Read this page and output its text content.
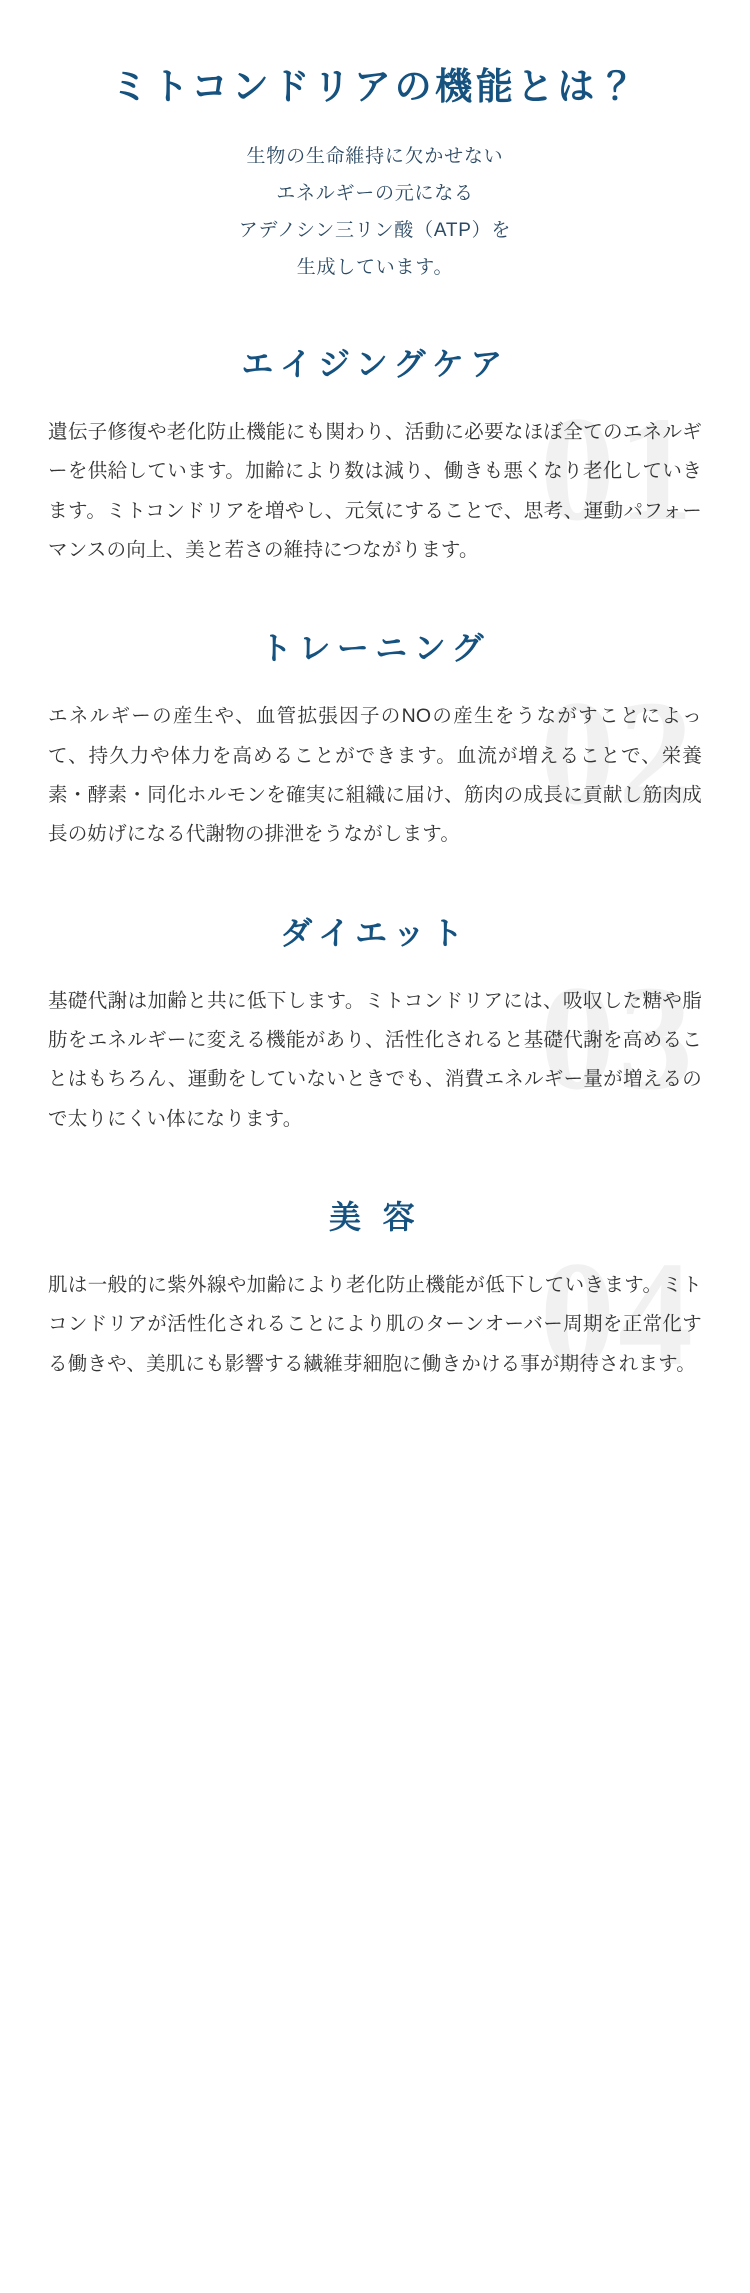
ミトコンドリアの機能とは？
生物の生命維持に欠かせない
エネルギーの元になる
アデノシン三リン酸（ATP）を
生成しています。
01
エイジングケア

遺伝子修復や老化防止機能にも関わり、活動に必要なほぼ全てのエネルギーを供給しています。加齢により数は減り、働きも悪くなり老化していきます。ミトコンドリアを増やし、元気にすることで、思考、運動パフォーマンスの向上、美と若さの維持につながります。

02
トレーニング

エネルギーの産生や、血管拡張因子のNOの産生をうながすことによって、持久力や体力を高めることができます。血流が増えることで、栄養素・酵素・同化ホルモンを確実に組織に届け、筋肉の成長に貢献し筋肉成長の妨げになる代謝物の排泄をうながします。

03
ダイエット

基礎代謝は加齢と共に低下します。ミトコンドリアには、吸収した糖や脂肪をエネルギーに変える機能があり、活性化されると基礎代謝を高めることはもちろん、運動をしていないときでも、消費エネルギー量が増えるので太りにくい体になります。

04
美 容

肌は一般的に紫外線や加齢により老化防止機能が低下していきます。ミトコンドリアが活性化されることにより肌のターンオーバー周期を正常化する働きや、美肌にも影響する繊維芽細胞に働きかける事が期待されます。
